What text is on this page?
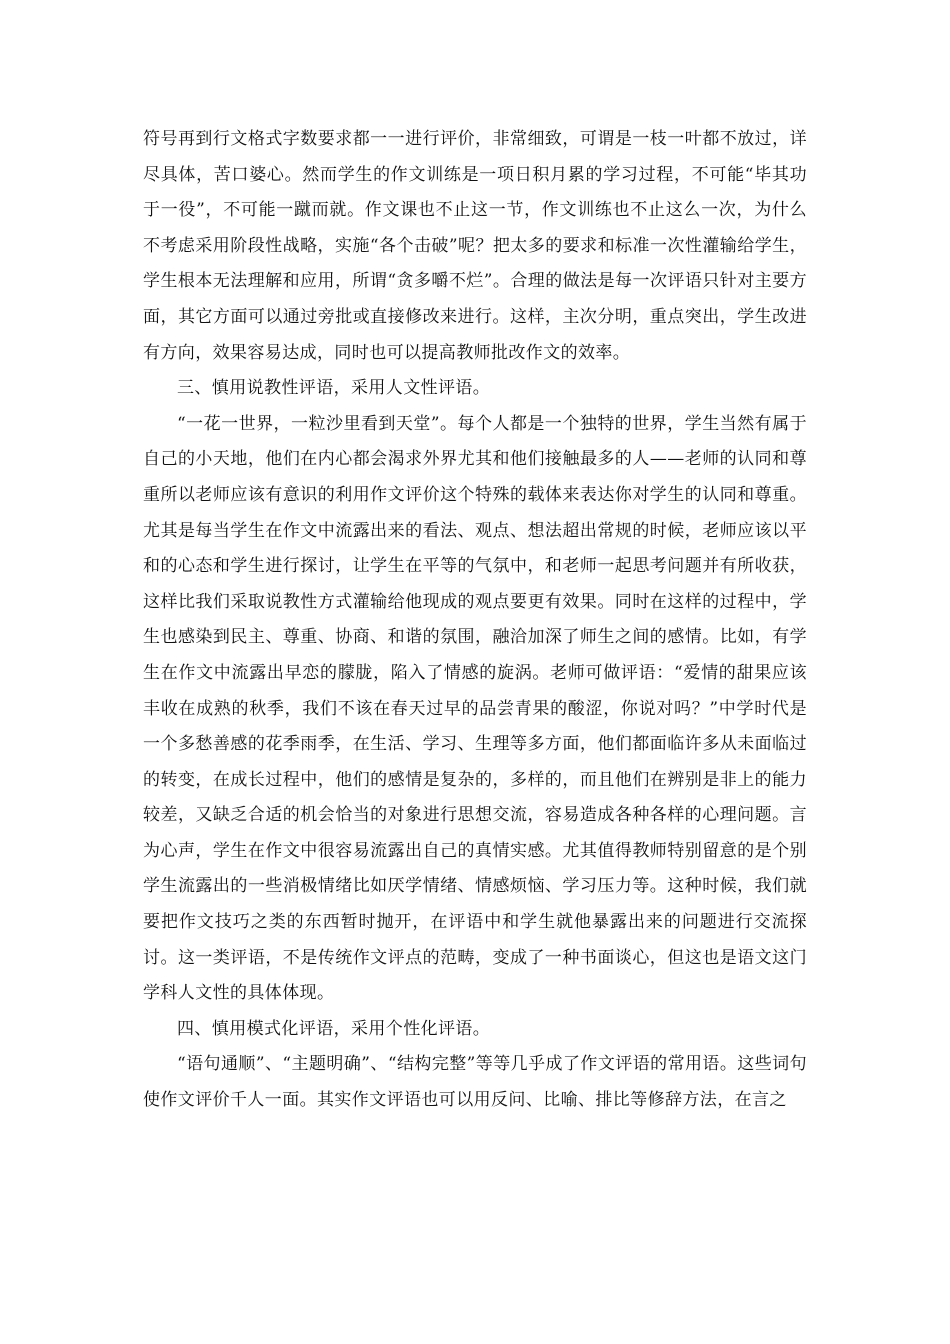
符号再到行文格式字数要求都一一进行评价，非常细致，可谓是一枝一叶都不放过，详尽具体，苦口婆心。然而学生的作文训练是一项日积月累的学习过程，不可能“毕其功于一役”，不可能一蹴而就。作文课也不止这一节，作文训练也不止这么一次，为什么不考虑采用阶段性战略，实施“各个击破”呢？把太多的要求和标准一次性灌输给学生，学生根本无法理解和应用，所谓“贪多嚼不烂”。合理的做法是每一次评语只针对主要方面，其它方面可以通过旁批或直接修改来进行。这样，主次分明，重点突出，学生改进有方向，效果容易达成，同时也可以提高教师批改作文的效率。

三、慎用说教性评语，采用人文性评语。

“一花一世界，一粒沙里看到天堂”。每个人都是一个独特的世界，学生当然有属于自己的小天地，他们在内心都会渴求外界尤其和他们接触最多的人——老师的认同和尊重所以老师应该有意识的利用作文评价这个特殊的载体来表达你对学生的认同和尊重。尤其是每当学生在作文中流露出来的看法、观点、想法超出常规的时候，老师应该以平和的心态和学生进行探讨，让学生在平等的气氛中，和老师一起思考问题并有所收获，这样比我们采取说教性方式灌输给他现成的观点要更有效果。同时在这样的过程中，学生也感染到民主、尊重、协商、和谐的氛围，融洽加深了师生之间的感情。比如，有学生在作文中流露出早恋的朦胧，陷入了情感的旋涡。老师可做评语：“爱情的甜果应该丰收在成熟的秋季，我们不该在春天过早的品尝青果的酸涩，你说对吗？”中学时代是一个多愁善感的花季雨季，在生活、学习、生理等多方面，他们都面临许多从未面临过的转变，在成长过程中，他们的感情是复杂的，多样的，而且他们在辨别是非上的能力较差，又缺乏合适的机会恰当的对象进行思想交流，容易造成各种各样的心理问题。言为心声，学生在作文中很容易流露出自己的真情实感。尤其值得教师特别留意的是个别学生流露出的一些消极情绪比如厌学情绪、情感烦恼、学习压力等。这种时候，我们就要把作文技巧之类的东西暂时抛开，在评语中和学生就他暴露出来的问题进行交流探讨。这一类评语，不是传统作文评点的范畴，变成了一种书面谈心，但这也是语文这门学科人文性的具体体现。

四、慎用模式化评语，采用个性化评语。

“语句通顺”、“主题明确”、“结构完整”等等几乎成了作文评语的常用语。这些词句使作文评价千人一面。其实作文评语也可以用反问、比喻、排比等修辞方法，在言之
